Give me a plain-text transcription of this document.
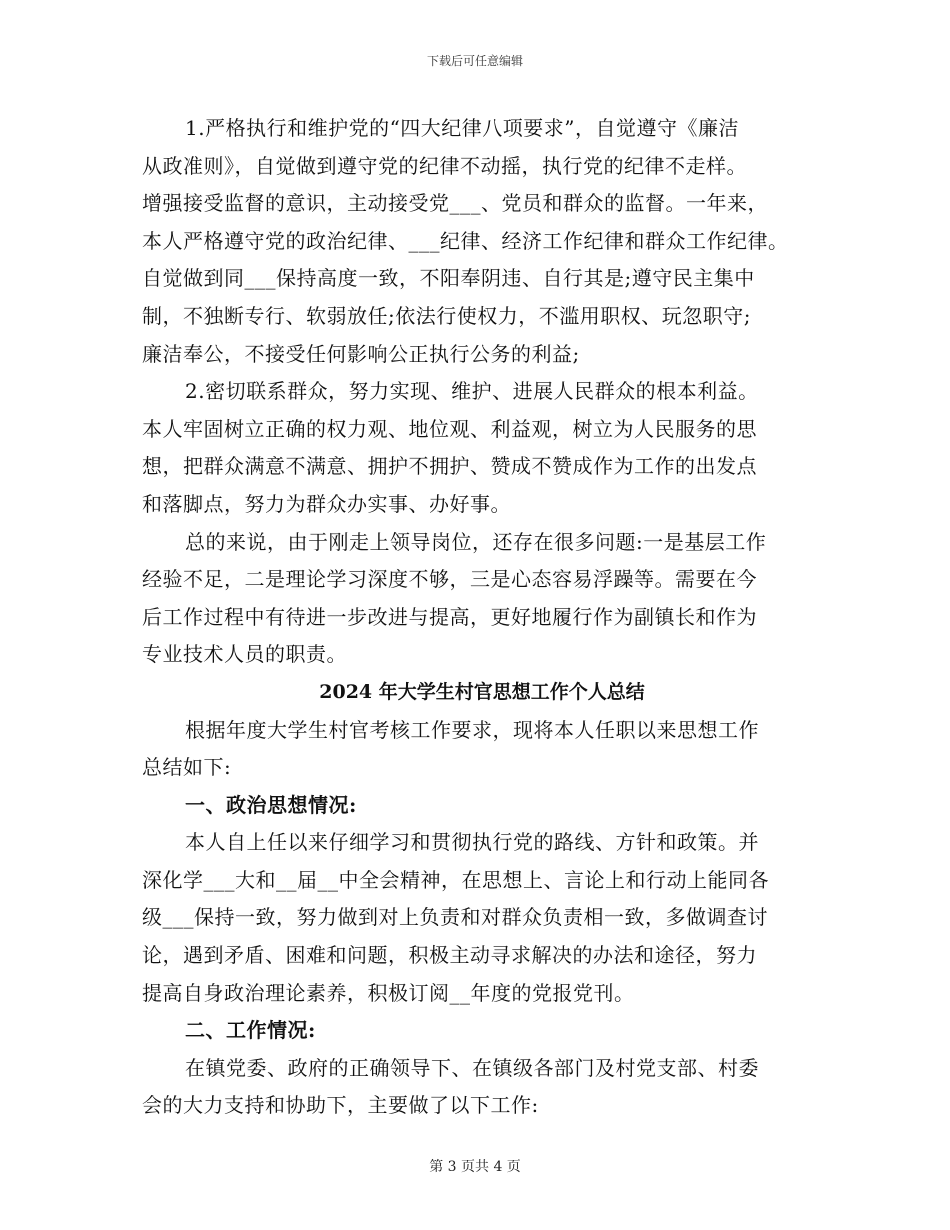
下载后可任意编辑

1.严格执行和维护党的“四大纪律八项要求”，自觉遵守《廉洁
从政准则》，自觉做到遵守党的纪律不动摇，执行党的纪律不走样。
增强接受监督的意识，主动接受党___、党员和群众的监督。一年来，
本人严格遵守党的政治纪律、___纪律、经济工作纪律和群众工作纪律。
自觉做到同___保持高度一致，不阳奉阴违、自行其是;遵守民主集中
制，不独断专行、软弱放任;依法行使权力，不滥用职权、玩忽职守;
廉洁奉公，不接受任何影响公正执行公务的利益;
2.密切联系群众，努力实现、维护、进展人民群众的根本利益。
本人牢固树立正确的权力观、地位观、利益观，树立为人民服务的思
想，把群众满意不满意、拥护不拥护、赞成不赞成作为工作的出发点
和落脚点，努力为群众办实事、办好事。
总的来说，由于刚走上领导岗位，还存在很多问题:一是基层工作
经验不足，二是理论学习深度不够，三是心态容易浮躁等。需要在今
后工作过程中有待进一步改进与提高，更好地履行作为副镇长和作为
专业技术人员的职责。
2024 年大学生村官思想工作个人总结
根据年度大学生村官考核工作要求，现将本人任职以来思想工作
总结如下:
一、政治思想情况:
本人自上任以来仔细学习和贯彻执行党的路线、方针和政策。并
深化学___大和__届__中全会精神，在思想上、言论上和行动上能同各
级___保持一致，努力做到对上负责和对群众负责相一致，多做调查讨
论，遇到矛盾、困难和问题，积极主动寻求解决的办法和途径，努力
提高自身政治理论素养，积极订阅__年度的党报党刊。
二、工作情况:
在镇党委、政府的正确领导下、在镇级各部门及村党支部、村委
会的大力支持和协助下，主要做了以下工作:

第 3 页共 4 页
